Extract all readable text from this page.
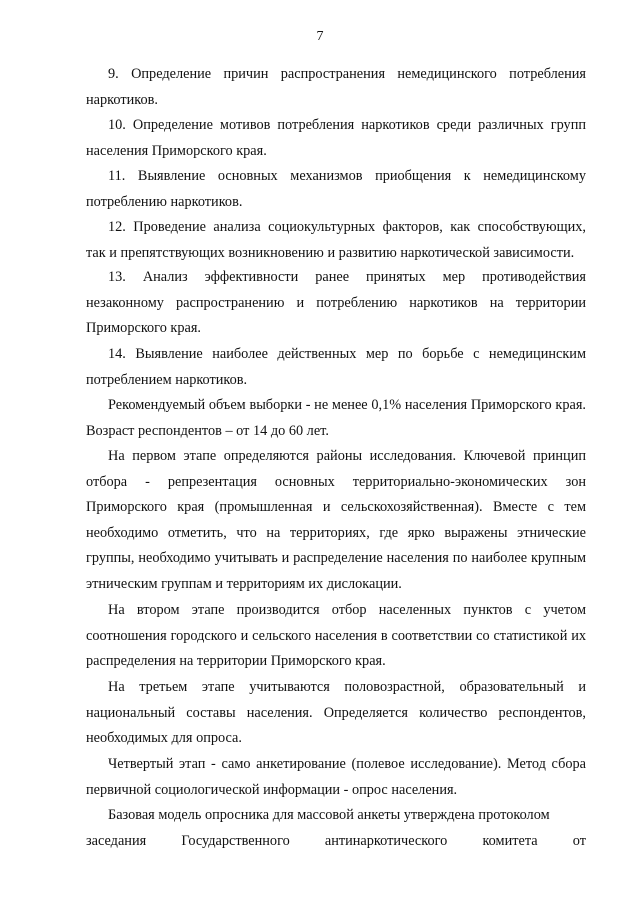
7

9. Определение причин распространения немедицинского потребления наркотиков.

10. Определение мотивов потребления наркотиков среди различных групп населения Приморского края.

11. Выявление основных механизмов приобщения к немедицинскому потреблению наркотиков.

12. Проведение анализа социокультурных факторов, как способствующих, так и препятствующих возникновению и развитию наркотической зависимости.

13. Анализ эффективности ранее принятых мер противодействия незаконному распространению и потреблению наркотиков на территории Приморского края.

14. Выявление наиболее действенных мер по борьбе с немедицинским потреблением наркотиков.

Рекомендуемый объем выборки - не менее 0,1% населения Приморского края. Возраст респондентов – от 14 до 60 лет.

На первом этапе определяются районы исследования. Ключевой принцип отбора - репрезентация основных территориально-экономических зон Приморского края (промышленная и сельскохозяйственная). Вместе с тем необходимо отметить, что на территориях, где ярко выражены этнические группы, необходимо учитывать и распределение населения по наиболее крупным этническим группам и территориям их дислокации.

На втором этапе производится отбор населенных пунктов с учетом соотношения городского и сельского населения в соответствии со статистикой их распределения на территории Приморского края.

На третьем этапе учитываются половозрастной, образовательный и национальный составы населения. Определяется количество респондентов, необходимых для опроса.

Четвертый этап - само анкетирование (полевое исследование). Метод сбора первичной социологической информации - опрос населения.

Базовая модель опросника для массовой анкеты утверждена протоколом

заседания Государственного антинаркотического комитета от
